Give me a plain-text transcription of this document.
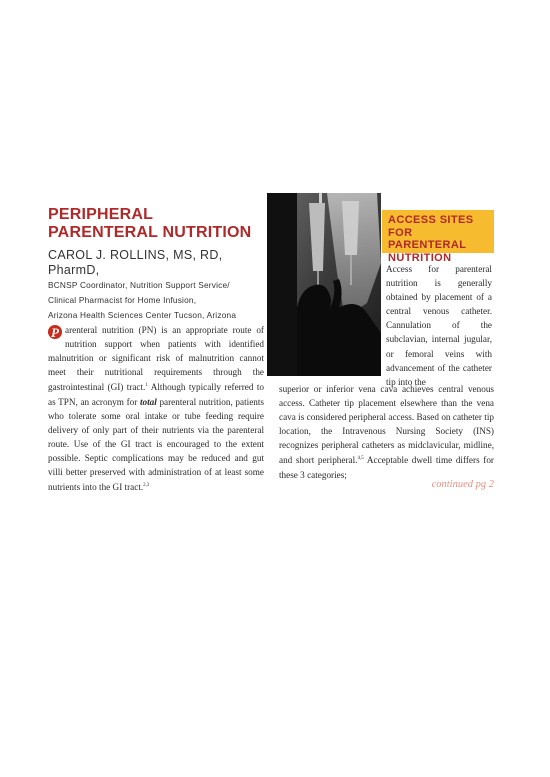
PERIPHERAL
PARENTERAL NUTRITION
CAROL J. ROLLINS, MS, RD, PharmD,
BCNSP Coordinator, Nutrition Support Service/
Clinical Pharmacist for Home Infusion,
Arizona Health Sciences Center Tucson, Arizona

P arenteral nutrition (PN) is an appropriate route of nutrition support when patients with identified malnutrition or significant risk of malnutrition cannot meet their nutritional requirements through the gastrointestinal (GI) tract.$^1$ Although typically referred to as TPN, an acronym for total parenteral nutrition, patients who tolerate some oral intake or tube feeding require delivery of only part of their nutrients via the parenteral route. Use of the GI tract is encouraged to the extent possible. Septic complications may be reduced and gut villi better preserved with administration of at least some nutrients into the GI tract.$^{2,3}$

ACCESS SITES
FOR PARENTERAL
NUTRITION

Access for parenteral nutrition is generally obtained by placement of a central venous catheter. Cannulation of the subclavian, internal jugular, or femoral veins with advancement of the catheter tip into the

superior or inferior vena cava achieves central venous access. Catheter tip placement elsewhere than the vena cava is considered peripheral access. Based on catheter tip location, the Intravenous Nursing Society (INS) recognizes peripheral catheters as midclavicular, midline, and short peripheral.$^{4,5}$ Acceptable dwell time differs for these 3 categories;

continued pg 2
